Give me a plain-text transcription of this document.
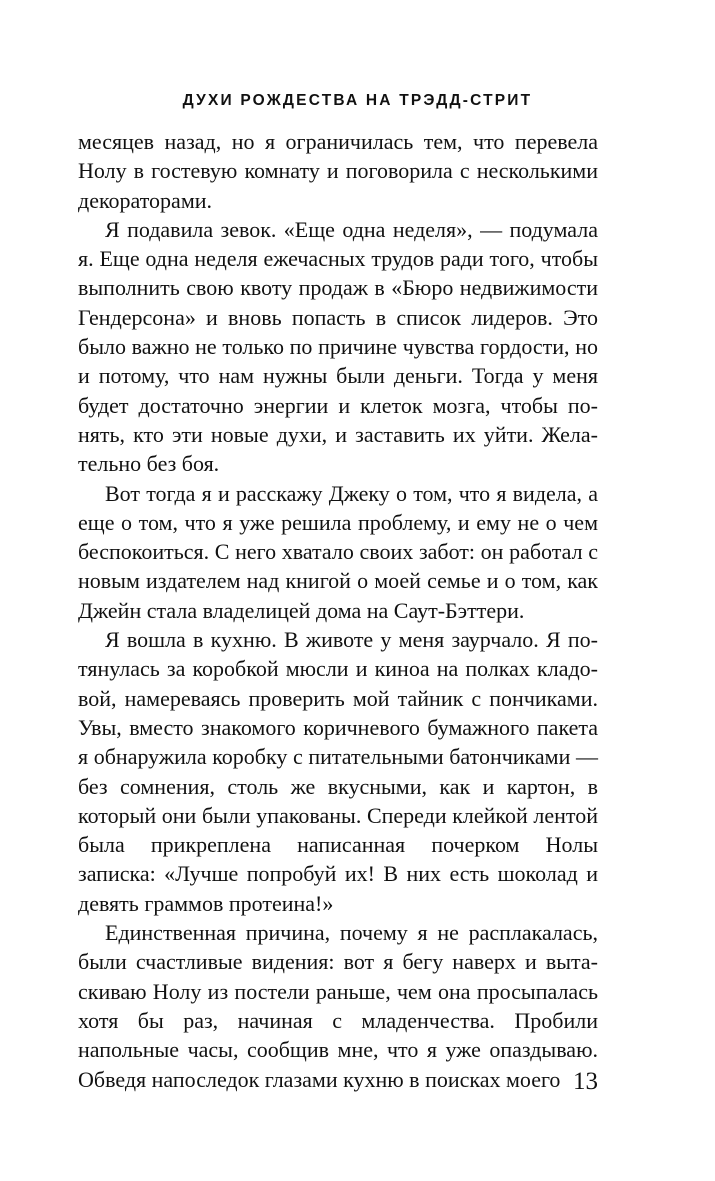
ДУХИ РОЖДЕСТВА НА ТРЭДД-СТРИТ

месяцев назад, но я ограничилась тем, что перевела Нолу в гостевую комнату и поговорила с несколькими декораторами.

Я подавила зевок. «Еще одна неделя», — подумала я. Еще одна неделя ежечасных трудов ради того, чтобы выполнить свою квоту продаж в «Бюро недвижимости Гендерсона» и вновь попасть в список лидеров. Это было важно не только по причине чувства гордости, но и потому, что нам нужны были деньги. Тогда у меня будет достаточно энергии и клеток мозга, чтобы понять, кто эти новые духи, и заставить их уйти. Желательно без боя.

Вот тогда я и расскажу Джеку о том, что я видела, а еще о том, что я уже решила проблему, и ему не о чем беспокоиться. С него хватало своих забот: он работал с новым издателем над книгой о моей семье и о том, как Джейн стала владелицей дома на Саут-Бэттери.

Я вошла в кухню. В животе у меня заурчало. Я потянулась за коробкой мюсли и киноа на полках кладовой, намереваясь проверить мой тайник с пончиками. Увы, вместо знакомого коричневого бумажного пакета я обнаружила коробку с питательными батончиками — без сомнения, столь же вкусными, как и картон, в который они были упакованы. Спереди клейкой лентой была прикреплена написанная почерком Нолы записка: «Лучше попробуй их! В них есть шоколад и девять граммов протеина!»

Единственная причина, почему я не расплакалась, были счастливые видения: вот я бегу наверх и вытаскиваю Нолу из постели раньше, чем она просыпалась хотя бы раз, начиная с младенчества. Пробили напольные часы, сообщив мне, что я уже опаздываю. Обведя напоследок глазами кухню в поисках моего 13
